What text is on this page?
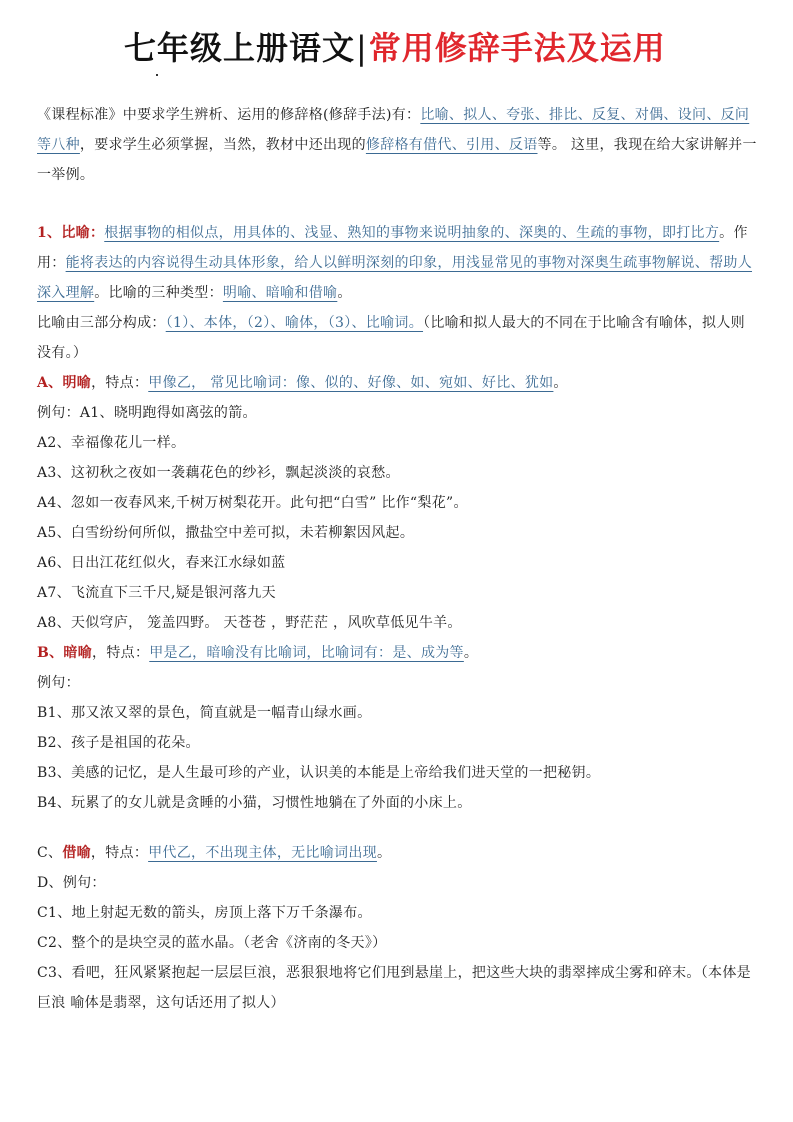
七年级上册语文|常用修辞手法及运用

《课程标准》中要求学生辨析、运用的修辞格(修辞手法)有：比喻、拟人、夸张、排比、反复、对偶、设问、反问等八种，要求学生必须掌握，当然，教材中还出现的修辞格有借代、引用、反语等。 这里，我现在给大家讲解并一一举例。

1、比喻：根据事物的相似点，用具体的、浅显、熟知的事物来说明抽象的、深奥的、生疏的事物，即打比方。作用：能将表达的内容说得生动具体形象，给人以鲜明深刻的印象，用浅显常见的事物对深奥生疏事物解说、帮助人深入理解。比喻的三种类型：明喻、暗喻和借喻。

比喻由三部分构成：（1）、本体，（2）、喻体，（3）、比喻词。（比喻和拟人最大的不同在于比喻含有喻体，拟人则没有。）

A、明喻，特点：甲像乙， 常见比喻词：像、似的、好像、如、宛如、好比、犹如。

例句：A1、晓明跑得如离弦的箭。

A2、幸福像花儿一样。

A3、这初秋之夜如一袭藕花色的纱衫，飘起淡淡的哀愁。

A4、忽如一夜春风来,千树万树梨花开。此句把“白雪” 比作“梨花”。

A5、白雪纷纷何所似，撒盐空中差可拟，未若柳絮因风起。

A6、日出江花红似火，春来江水绿如蓝

A7、飞流直下三千尺,疑是银河落九天

A8、天似穹庐， 笼盖四野。 天苍苍 ，野茫茫 ，风吹草低见牛羊。

B、暗喻，特点：甲是乙，暗喻没有比喻词，比喻词有：是、成为等。

例句：

B1、那又浓又翠的景色，简直就是一幅青山绿水画。

B2、孩子是祖国的花朵。

B3、美感的记忆，是人生最可珍的产业，认识美的本能是上帝给我们进天堂的一把秘钥。

B4、玩累了的女儿就是贪睡的小猫，习惯性地躺在了外面的小床上。

C、借喻，特点：甲代乙，不出现主体，无比喻词出现。

D、例句：

C1、地上射起无数的箭头，房顶上落下万千条瀑布。

C2、整个的是块空灵的蓝水晶。（老舍《济南的冬天》）

C3、看吧，狂风紧紧抱起一层层巨浪，恶狠狠地将它们甩到悬崖上，把这些大块的翡翠摔成尘雾和碎末。（本体是巨浪 喻体是翡翠，这句话还用了拟人）
